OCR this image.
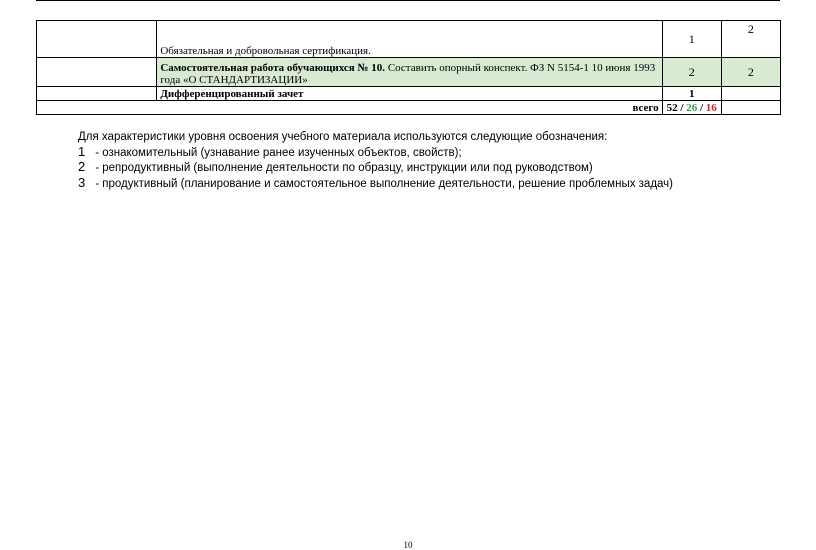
	Обязательная и добровольная сертификация.	1	2
	Самостоятельная работа обучающихся № 10. Составить опорный конспект. ФЗ N 5154-1 10 июня 1993 года «О СТАНДАРТИЗАЦИИ»	2	2
	Дифференцированный зачет	1	
всего		52 / 26 / 16	
Для характеристики уровня освоения учебного материала используются следующие обозначения:
1 - ознакомительный (узнавание ранее изученных объектов, свойств);
2 - репродуктивный (выполнение деятельности по образцу, инструкции или под руководством)
3 - продуктивный (планирование и самостоятельное выполнение деятельности, решение проблемных задач)
10
